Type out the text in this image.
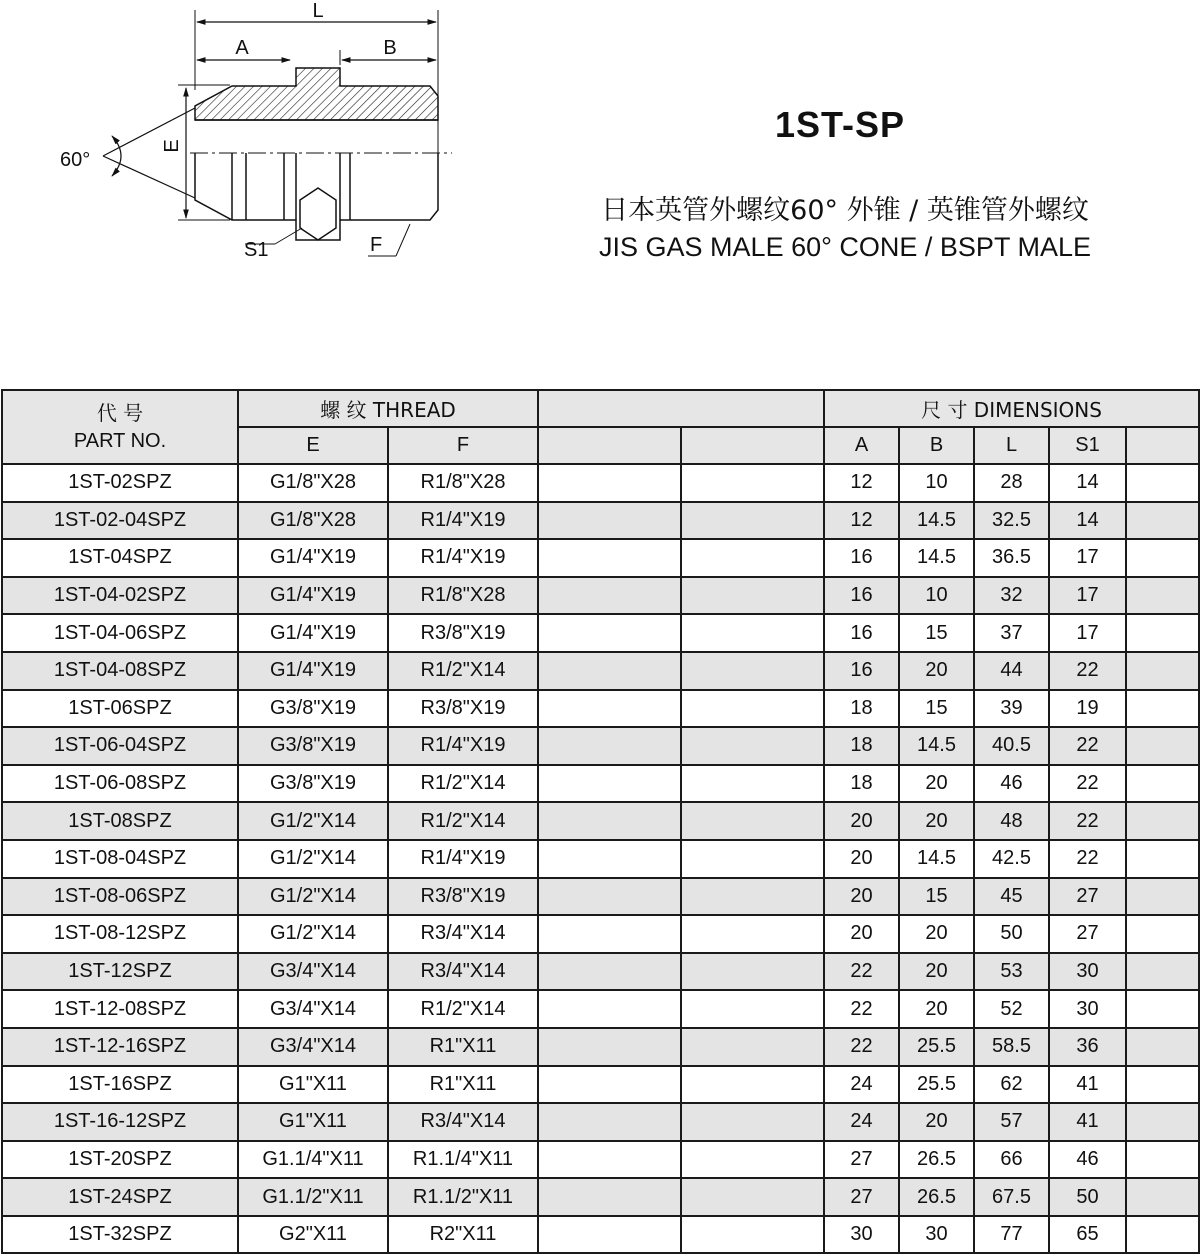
L
A	B
E
60°
S1	F
1ST-SP
日本英管外螺纹60° 外锥 / 英锥管外螺纹
JIS GAS MALE 60° CONE / BSPT MALE
代 号
PART NO.	螺 纹 THREAD				尺 寸 DIMENSIONS				
	E	F			A	B	L	S1	
1ST-02SPZ	G1/8"X28	R1/8"X28			12	10	28	14	
1ST-02-04SPZ	G1/8"X28	R1/4"X19			12	14.5	32.5	14	
1ST-04SPZ	G1/4"X19	R1/4"X19			16	14.5	36.5	17	
1ST-04-02SPZ	G1/4"X19	R1/8"X28			16	10	32	17	
1ST-04-06SPZ	G1/4"X19	R3/8"X19			16	15	37	17	
1ST-04-08SPZ	G1/4"X19	R1/2"X14			16	20	44	22	
1ST-06SPZ	G3/8"X19	R3/8"X19			18	15	39	19	
1ST-06-04SPZ	G3/8"X19	R1/4"X19			18	14.5	40.5	22	
1ST-06-08SPZ	G3/8"X19	R1/2"X14			18	20	46	22	
1ST-08SPZ	G1/2"X14	R1/2"X14			20	20	48	22	
1ST-08-04SPZ	G1/2"X14	R1/4"X19			20	14.5	42.5	22	
1ST-08-06SPZ	G1/2"X14	R3/8"X19			20	15	45	27	
1ST-08-12SPZ	G1/2"X14	R3/4"X14			20	20	50	27	
1ST-12SPZ	G3/4"X14	R3/4"X14			22	20	53	30	
1ST-12-08SPZ	G3/4"X14	R1/2"X14			22	20	52	30	
1ST-12-16SPZ	G3/4"X14	R1"X11			22	25.5	58.5	36	
1ST-16SPZ	G1"X11	R1"X11			24	25.5	62	41	
1ST-16-12SPZ	G1"X11	R3/4"X14			24	20	57	41	
1ST-20SPZ	G1.1/4"X11	R1.1/4"X11			27	26.5	66	46	
1ST-24SPZ	G1.1/2"X11	R1.1/2"X11			27	26.5	67.5	50	
1ST-32SPZ	G2"X11	R2"X11			30	30	77	65	
